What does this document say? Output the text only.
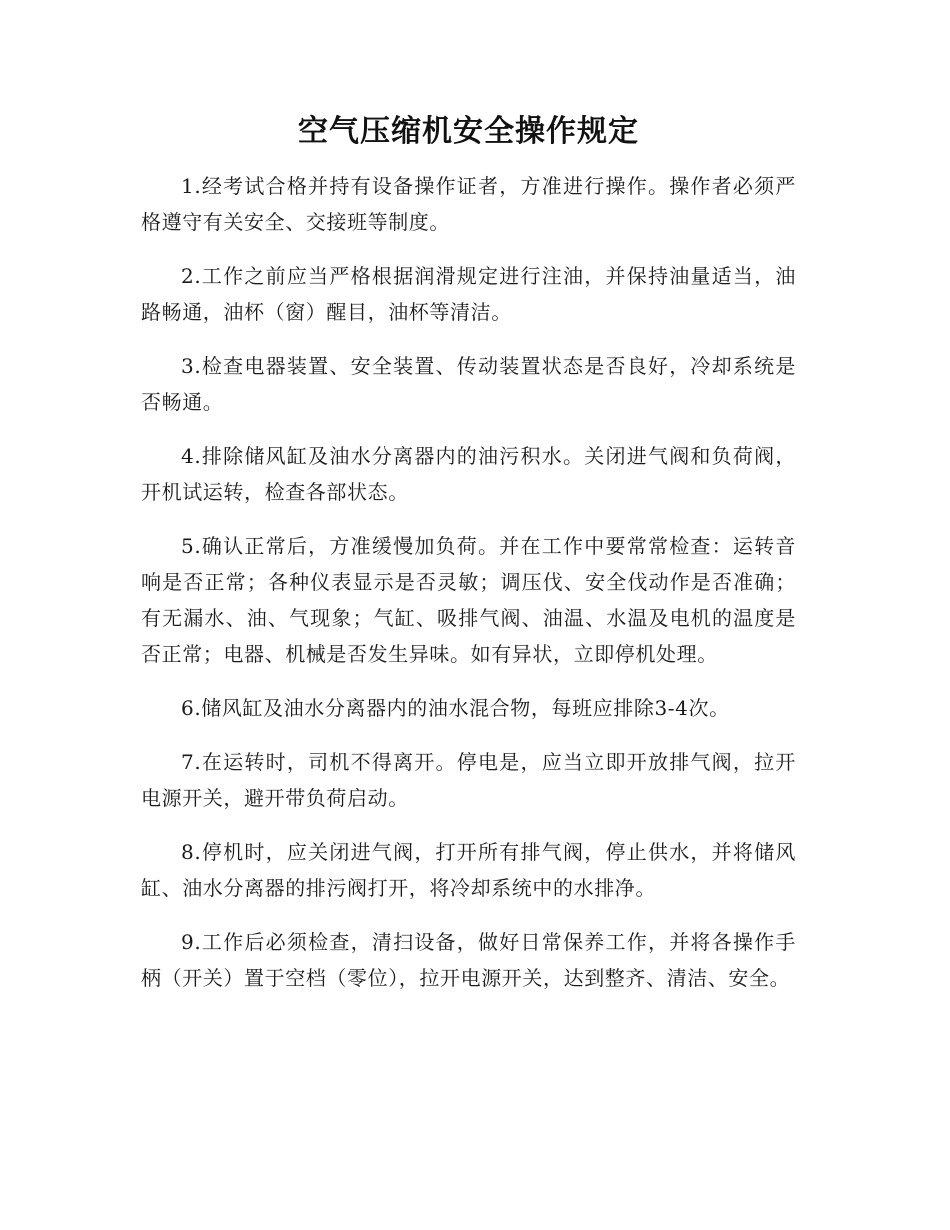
空气压缩机安全操作规定

1.经考试合格并持有设备操作证者，方准进行操作。操作者必须严格遵守有关安全、交接班等制度。

2.工作之前应当严格根据润滑规定进行注油，并保持油量适当，油路畅通，油杯（窗）醒目，油杯等清洁。

3.检查电器装置、安全装置、传动装置状态是否良好，冷却系统是否畅通。

4.排除储风缸及油水分离器内的油污积水。关闭进气阀和负荷阀，开机试运转，检查各部状态。

5.确认正常后，方准缓慢加负荷。并在工作中要常常检查：运转音响是否正常；各种仪表显示是否灵敏；调压伐、安全伐动作是否准确；有无漏水、油、气现象；气缸、吸排气阀、油温、水温及电机的温度是否正常；电器、机械是否发生异味。如有异状，立即停机处理。

6.储风缸及油水分离器内的油水混合物，每班应排除3-4次。

7.在运转时，司机不得离开。停电是，应当立即开放排气阀，拉开电源开关，避开带负荷启动。

8.停机时，应关闭进气阀，打开所有排气阀，停止供水，并将储风缸、油水分离器的排污阀打开，将冷却系统中的水排净。

9.工作后必须检查，清扫设备，做好日常保养工作，并将各操作手柄（开关）置于空档（零位），拉开电源开关，达到整齐、清洁、安全。
